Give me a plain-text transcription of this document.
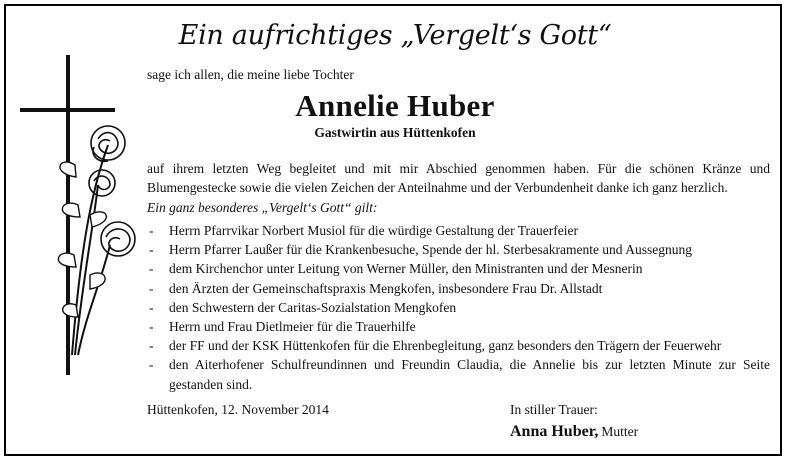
Ein aufrichtiges „Vergelt‘s Gott“
sage ich allen, die meine liebe Tochter
Annelie Huber
Gastwirtin aus Hüttenkofen
auf ihrem letzten Weg begleitet und mit mir Abschied genommen haben. Für die schönen Kränze und Blumengestecke sowie die vielen Zeichen der Anteilnahme und der Verbundenheit danke ich ganz herzlich.
Ein ganz besonderes „Vergelt‘s Gott“ gilt:
- Herrn Pfarrvikar Norbert Musiol für die würdige Gestaltung der Trauerfeier
- Herrn Pfarrer Laußer für die Krankenbesuche, Spende der hl. Sterbesakramente und Aussegnung
- dem Kirchenchor unter Leitung von Werner Müller, den Ministranten und der Mesnerin
- den Ärzten der Gemeinschaftspraxis Mengkofen, insbesondere Frau Dr. Allstadt
- den Schwestern der Caritas-Sozialstation Mengkofen
- Herrn und Frau Dietlmeier für die Trauerhilfe
- der FF und der KSK Hüttenkofen für die Ehrenbegleitung, ganz besonders den Trägern der Feuerwehr
- den Aiterhofener Schulfreundinnen und Freundin Claudia, die Annelie bis zur letzten Minute zur Seite gestanden sind.
Hüttenkofen, 12. November 2014	In stiller Trauer:
Anna Huber, Mutter
